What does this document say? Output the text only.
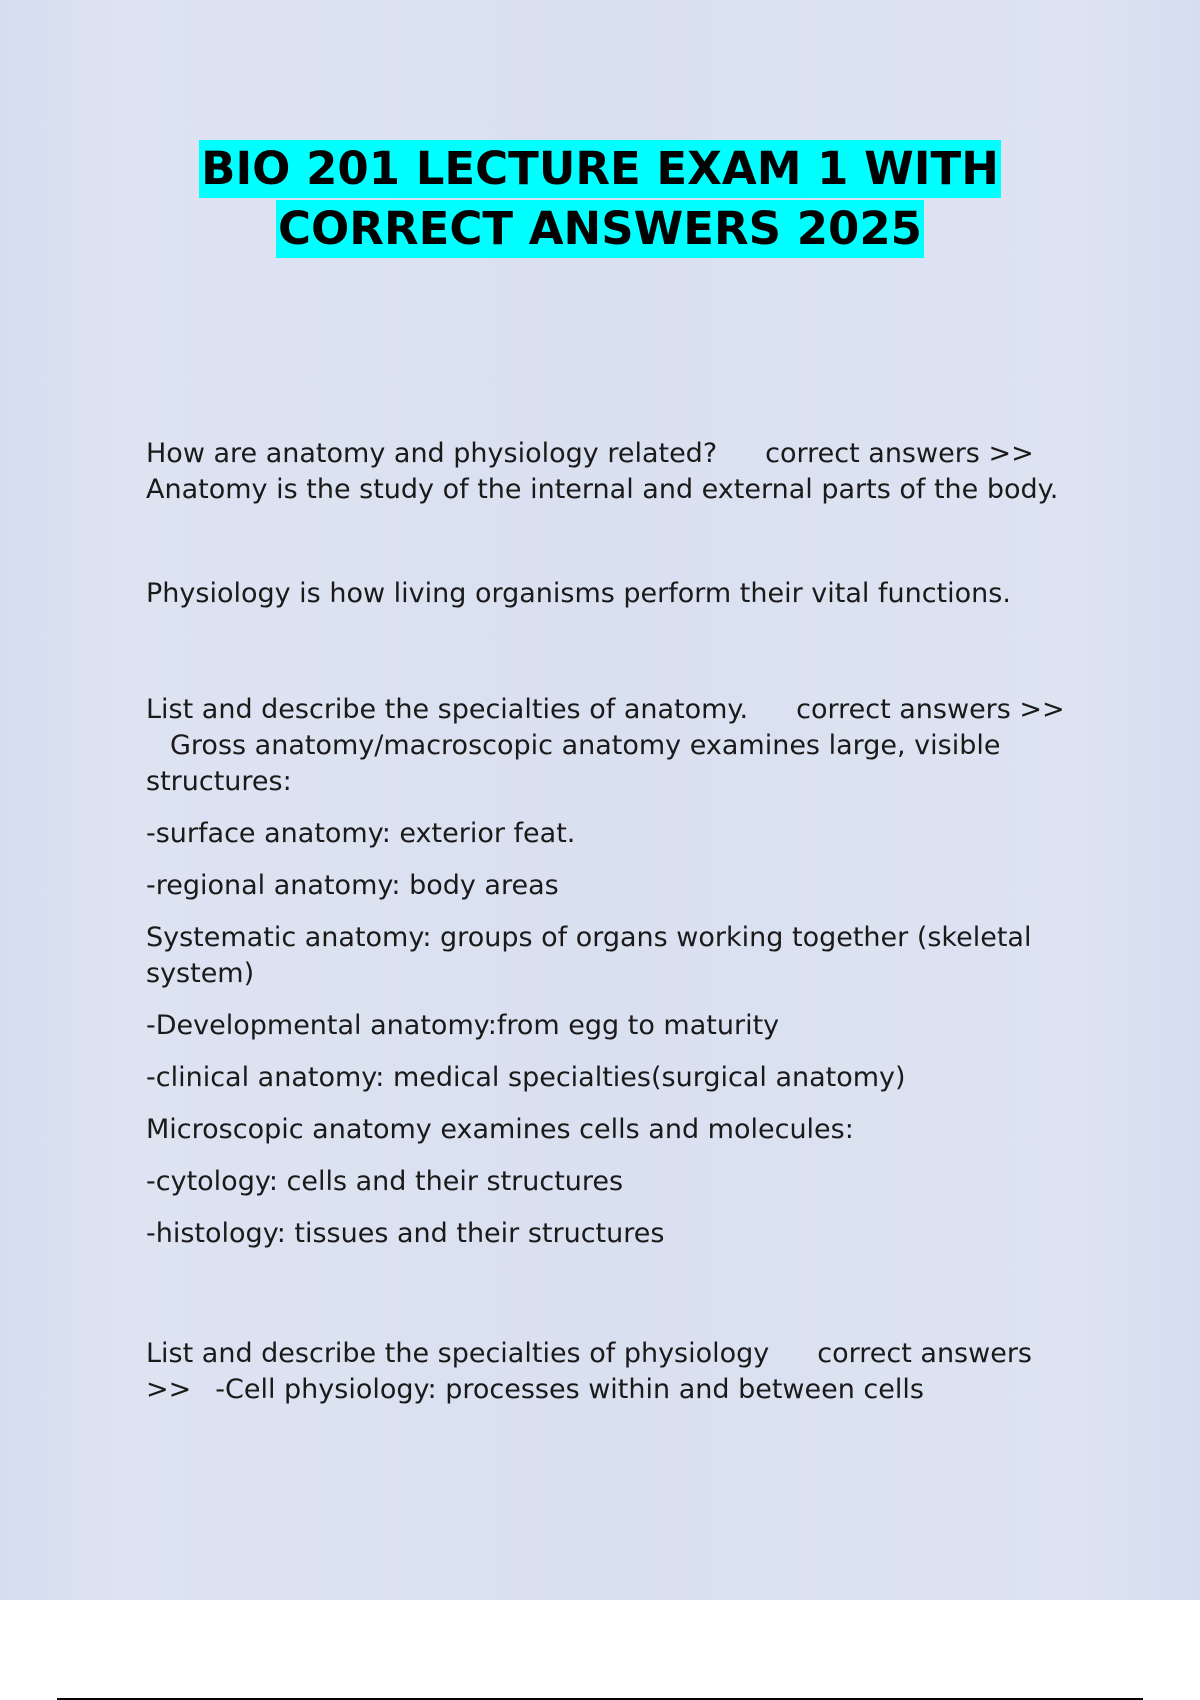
BIO 201 LECTURE EXAM 1 WITH
CORRECT ANSWERS 2025

How are anatomy and physiology related? correct answers >> Anatomy is the study of the internal and external parts of the body.

Physiology is how living organisms perform their vital functions.

List and describe the specialties of anatomy. correct answers >>Gross anatomy/macroscopic anatomy examines large, visible structures:

-surface anatomy: exterior feat.

-regional anatomy: body areas

Systematic anatomy: groups of organs working together (skeletal system)

-Developmental anatomy:from egg to maturity

-clinical anatomy: medical specialties(surgical anatomy)

Microscopic anatomy examines cells and molecules:

-cytology: cells and their structures

-histology: tissues and their structures

List and describe the specialties of physiology correct answers >> -Cell physiology: processes within and between cells
